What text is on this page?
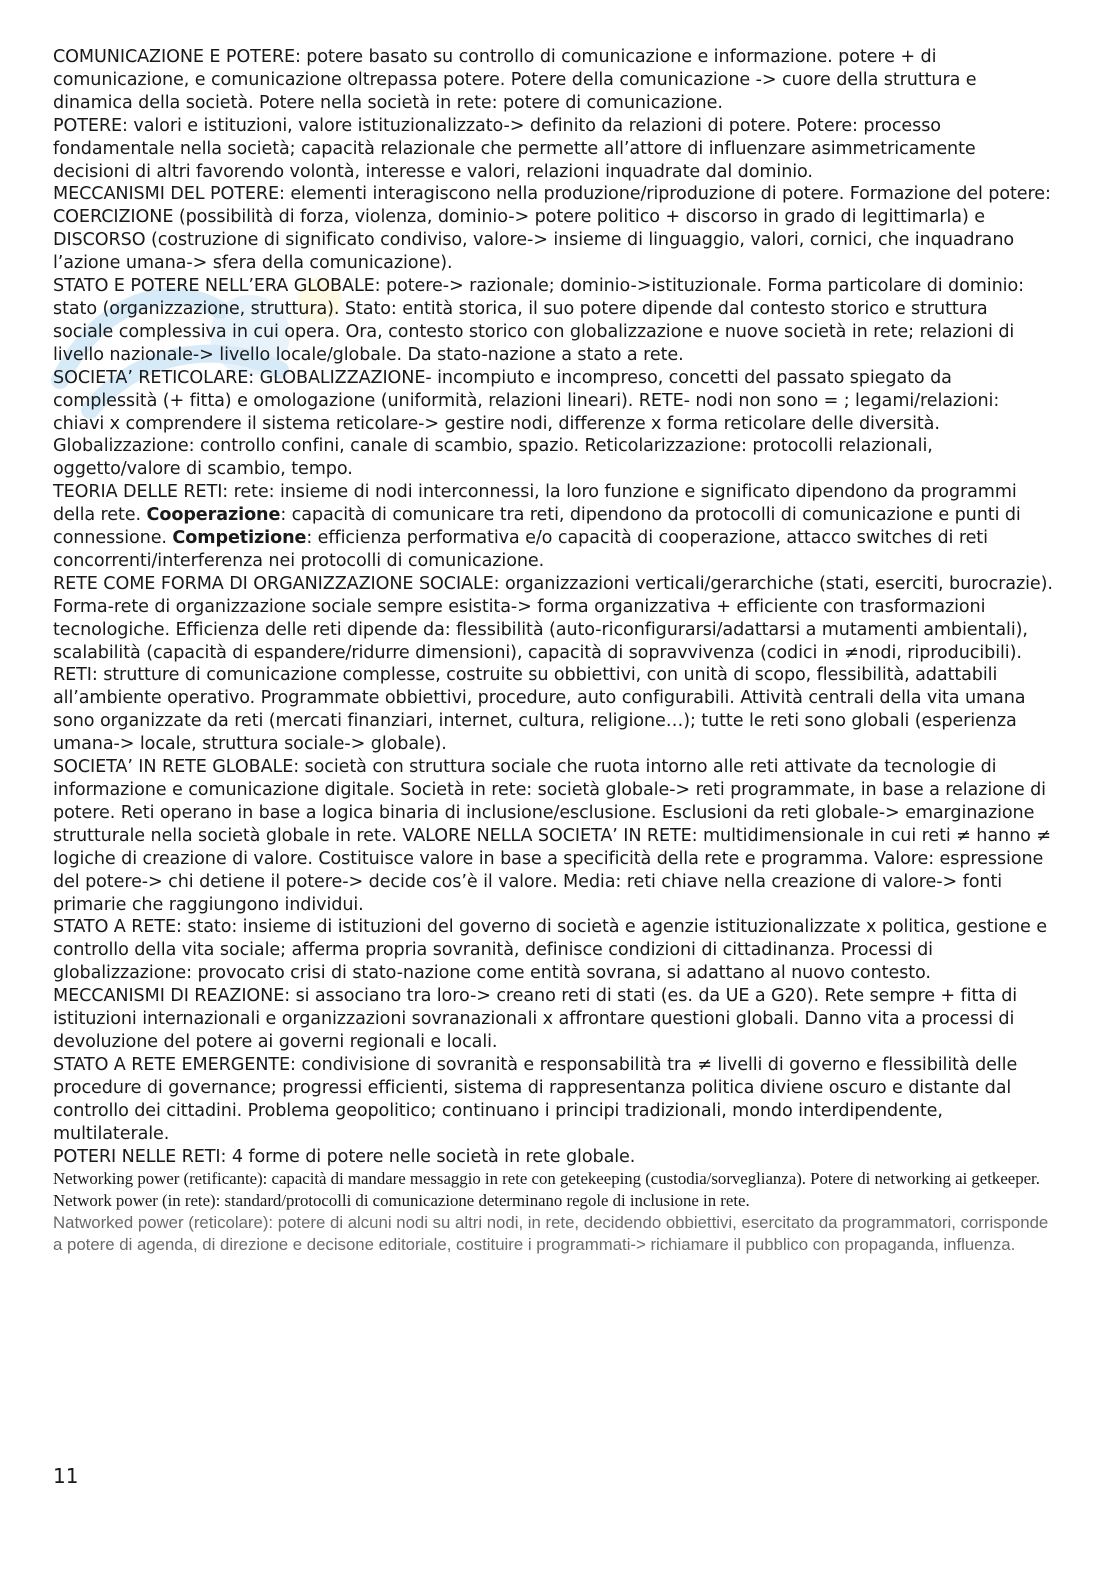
COMUNICAZIONE E POTERE: potere basato su controllo di comunicazione e informazione. potere + di comunicazione, e comunicazione oltrepassa potere. Potere della comunicazione -> cuore della struttura e dinamica della società. Potere nella società in rete: potere di comunicazione.

POTERE: valori e istituzioni, valore istituzionalizzato-> definito da relazioni di potere. Potere: processo fondamentale nella società; capacità relazionale che permette all’attore di influenzare asimmetricamente decisioni di altri favorendo volontà, interesse e valori, relazioni inquadrate dal dominio.

MECCANISMI DEL POTERE: elementi interagiscono nella produzione/riproduzione di potere. Formazione del potere: COERCIZIONE (possibilità di forza, violenza, dominio-> potere politico + discorso in grado di legittimarla) e DISCORSO (costruzione di significato condiviso, valore-> insieme di linguaggio, valori, cornici, che inquadrano l’azione umana-> sfera della comunicazione).

STATO E POTERE NELL’ERA GLOBALE: potere-> razionale; dominio->istituzionale. Forma particolare di dominio: stato (organizzazione, struttura). Stato: entità storica, il suo potere dipende dal contesto storico e struttura sociale complessiva in cui opera. Ora, contesto storico con globalizzazione e nuove società in rete; relazioni di livello nazionale-> livello locale/globale. Da stato-nazione a stato a rete.

SOCIETA’ RETICOLARE: GLOBALIZZAZIONE- incompiuto e incompreso, concetti del passato spiegato da complessità (+ fitta) e omologazione (uniformità, relazioni lineari). RETE- nodi non sono = ; legami/relazioni: chiavi x comprendere il sistema reticolare-> gestire nodi, differenze x forma reticolare delle diversità. Globalizzazione: controllo confini, canale di scambio, spazio. Reticolarizzazione: protocolli relazionali, oggetto/valore di scambio, tempo.

TEORIA DELLE RETI: rete: insieme di nodi interconnessi, la loro funzione e significato dipendono da programmi della rete. Cooperazione: capacità di comunicare tra reti, dipendono da protocolli di comunicazione e punti di connessione. Competizione: efficienza performativa e/o capacità di cooperazione, attacco switches di reti concorrenti/interferenza nei protocolli di comunicazione.

RETE COME FORMA DI ORGANIZZAZIONE SOCIALE: organizzazioni verticali/gerarchiche (stati, eserciti, burocrazie). Forma-rete di organizzazione sociale sempre esistita-> forma organizzativa + efficiente con trasformazioni tecnologiche. Efficienza delle reti dipende da: flessibilità (auto-riconfigurarsi/adattarsi a mutamenti ambientali), scalabilità (capacità di espandere/ridurre dimensioni), capacità di sopravvivenza (codici in ≠nodi, riproducibili). RETI: strutture di comunicazione complesse, costruite su obbiettivi, con unità di scopo, flessibilità, adattabili all’ambiente operativo. Programmate obbiettivi, procedure, auto configurabili. Attività centrali della vita umana sono organizzate da reti (mercati finanziari, internet, cultura, religione…); tutte le reti sono globali (esperienza umana-> locale, struttura sociale-> globale).

SOCIETA’ IN RETE GLOBALE: società con struttura sociale che ruota intorno alle reti attivate da tecnologie di informazione e comunicazione digitale. Società in rete: società globale-> reti programmate, in base a relazione di potere. Reti operano in base a logica binaria di inclusione/esclusione. Esclusioni da reti globale-> emarginazione strutturale nella società globale in rete. VALORE NELLA SOCIETA’ IN RETE: multidimensionale in cui reti ≠ hanno ≠ logiche di creazione di valore. Costituisce valore in base a specificità della rete e programma. Valore: espressione del potere-> chi detiene il potere-> decide cos’è il valore. Media: reti chiave nella creazione di valore-> fonti primarie che raggiungono individui.

STATO A RETE: stato: insieme di istituzioni del governo di società e agenzie istituzionalizzate x politica, gestione e controllo della vita sociale; afferma propria sovranità, definisce condizioni di cittadinanza. Processi di globalizzazione: provocato crisi di stato-nazione come entità sovrana, si adattano al nuovo contesto.

MECCANISMI DI REAZIONE: si associano tra loro-> creano reti di stati (es. da UE a G20). Rete sempre + fitta di istituzioni internazionali e organizzazioni sovranazionali x affrontare questioni globali. Danno vita a processi di devoluzione del potere ai governi regionali e locali.

STATO A RETE EMERGENTE: condivisione di sovranità e responsabilità tra ≠ livelli di governo e flessibilità delle procedure di governance; progressi efficienti, sistema di rappresentanza politica diviene oscuro e distante dal controllo dei cittadini. Problema geopolitico; continuano i principi tradizionali, mondo interdipendente, multilaterale.

POTERI NELLE RETI: 4 forme di potere nelle società in rete globale.

Networking power (retificante): capacità di mandare messaggio in rete con getekeeping (custodia/sorveglianza). Potere di networking ai getkeeper.

Network power (in rete): standard/protocolli di comunicazione determinano regole di inclusione in rete.

Natworked power (reticolare): potere di alcuni nodi su altri nodi, in rete, decidendo obbiettivi, esercitato da programmatori, corrisponde a potere di agenda, di direzione e decisone editoriale, costituire i programmati-> richiamare il pubblico con propaganda, influenza.

11
